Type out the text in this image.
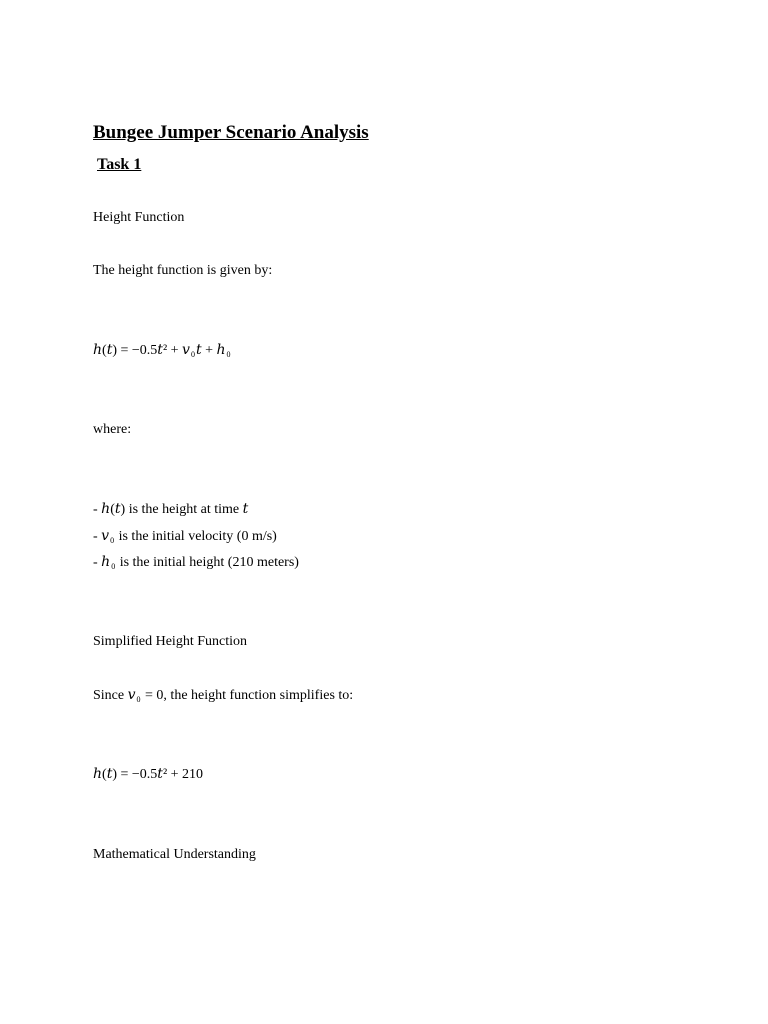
Bungee Jumper Scenario Analysis
Task 1
Height Function
The height function is given by:
$h(t) = -0.5t^2 + v_0t + h_0$
where:
- h(t) is the height at time t
- $v_0$ is the initial velocity (0 m/s)
- $h_0$ is the initial height (210 meters)
Simplified Height Function
Since $v_0 = 0$, the height function simplifies to:
h(t) = −0.5t² + 210
Mathematical Understanding
